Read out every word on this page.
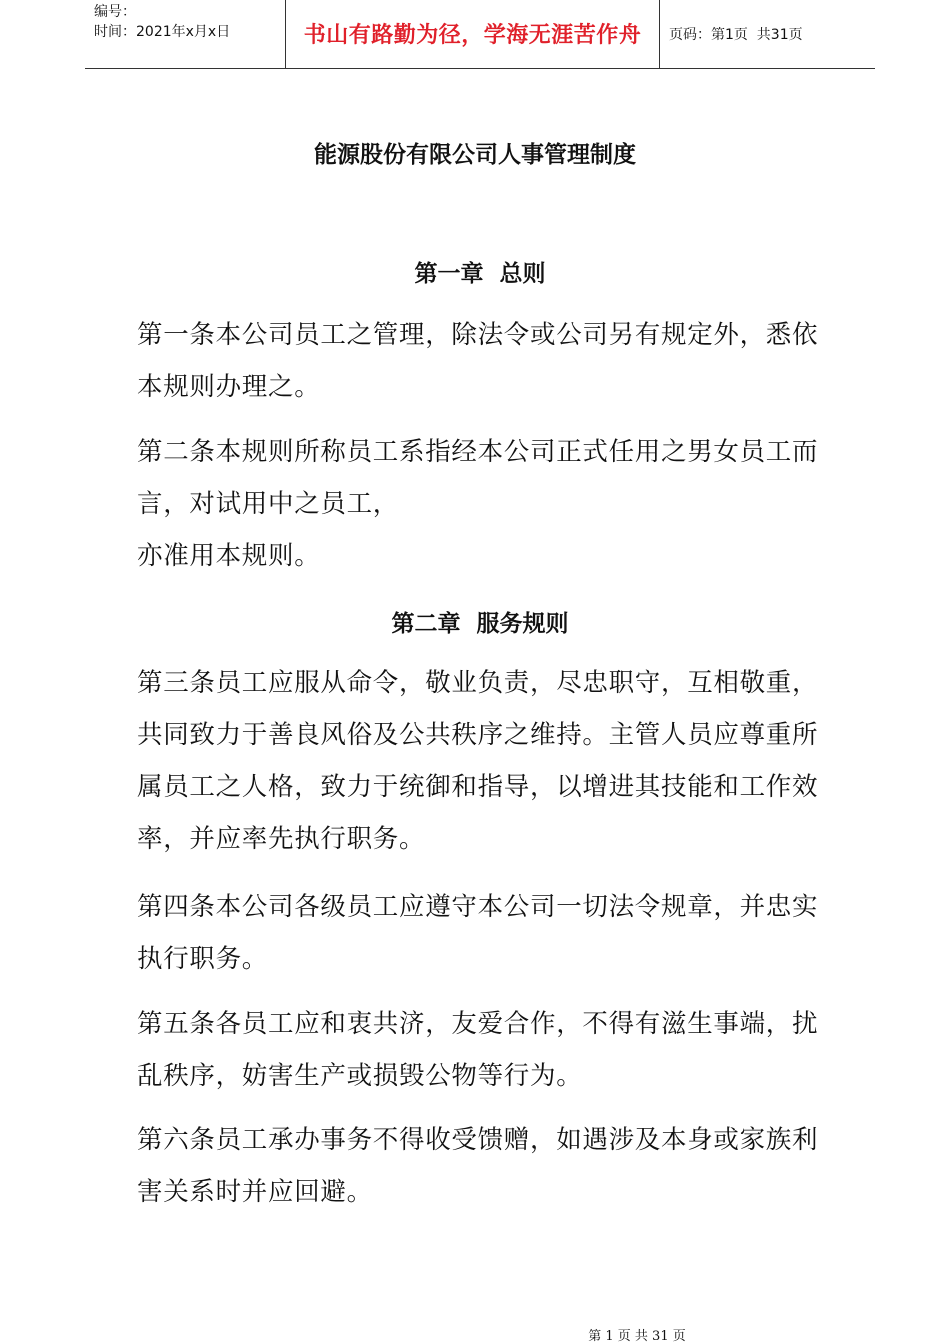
编号：
时间：2021年x月x日	书山有路勤为径，学海无涯苦作舟 页码：第1页  共31页
能源股份有限公司人事管理制度
第一章  总则
第一条本公司员工之管理，除法令或公司另有规定外，悉依
本规则办理之。
第二条本规则所称员工系指经本公司正式任用之男女员工而
言，对试用中之员工，
亦准用本规则。
第二章  服务规则
第三条员工应服从命令，敬业负责，尽忠职守，互相敬重，
共同致力于善良风俗及公共秩序之维持。主管人员应尊重所
属员工之人格，致力于统御和指导，以增进其技能和工作效
率，并应率先执行职务。
第四条本公司各级员工应遵守本公司一切法令规章，并忠实
执行职务。
第五条各员工应和衷共济，友爱合作，不得有滋生事端，扰
乱秩序，妨害生产或损毁公物等行为。
第六条员工承办事务不得收受馈赠，如遇涉及本身或家族利
害关系时并应回避。
第 1 页 共 31 页
